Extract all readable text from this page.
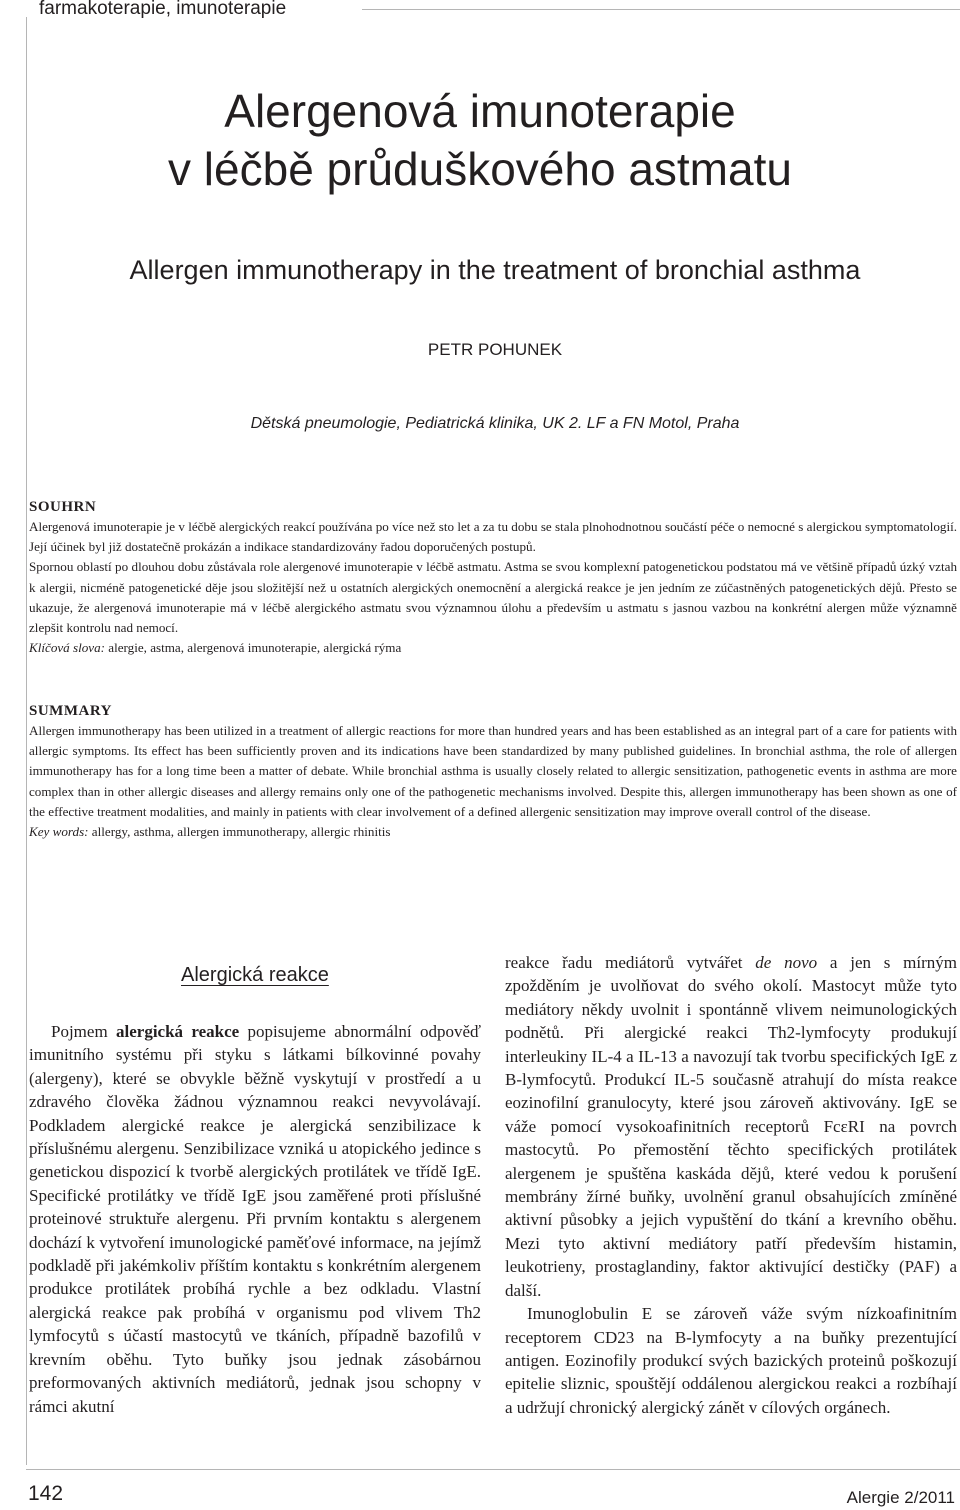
farmakoterapie, imunoterapie
Alergenová imunoterapie
v léčbě průduškového astmatu
Allergen immunotherapy in the treatment of bronchial asthma
PETR POHUNEK
Dětská pneumologie, Pediatrická klinika, UK 2. LF a FN Motol, Praha
SOUHRN

Alergenová imunoterapie je v léčbě alergických reakcí používána po více než sto let a za tu dobu se stala plnohodnotnou součástí péče o nemocné s alergickou symptomatologií. Její účinek byl již dostatečně prokázán a indikace standardizovány řadou doporučených postupů.

Spornou oblastí po dlouhou dobu zůstávala role alergenové imunoterapie v léčbě astmatu. Astma se svou komplexní patogenetickou podstatou má ve většině případů úzký vztah k alergii, nicméně patogenetické děje jsou složitější než u ostatních alergických onemocnění a alergická reakce je jen jedním ze zúčastněných patogenetických dějů. Přesto se ukazuje, že alergenová imunoterapie má v léčbě alergického astmatu svou významnou úlohu a především u astmatu s jasnou vazbou na konkrétní alergen může významně zlepšit kontrolu nad nemocí.

Klíčová slova: alergie, astma, alergenová imunoterapie, alergická rýma

SUMMARY

Allergen immunotherapy has been utilized in a treatment of allergic reactions for more than hundred years and has been established as an integral part of a care for patients with allergic symptoms. Its effect has been sufficiently proven and its indications have been standardized by many published guidelines. In bronchial asthma, the role of allergen immunotherapy has for a long time been a matter of debate. While bronchial asthma is usually closely related to allergic sensitization, pathogenetic events in asthma are more complex than in other allergic diseases and allergy remains only one of the pathogenetic mechanisms involved. Despite this, allergen immunotherapy has been shown as one of the effective treatment modalities, and mainly in patients with clear involvement of a defined allergenic sensitization may improve overall control of the disease.

Key words: allergy, asthma, allergen immunotherapy, allergic rhinitis

Alergická reakce

Pojmem alergická reakce popisujeme abnormální odpověď imunitního systému při styku s látkami bílkovinné povahy (alergeny), které se obvykle běžně vyskytují v prostředí a u zdravého člověka žádnou významnou reakci nevyvolávají. Podkladem alergické reakce je alergická senzibilizace k příslušnému alergenu. Senzibilizace vzniká u atopického jedince s genetickou dispozicí k tvorbě alergických protilátek ve třídě IgE. Specifické protilátky ve třídě IgE jsou zaměřené proti příslušné proteinové struktuře alergenu. Při prvním kontaktu s alergenem dochází k vytvoření imunologické paměťové informace, na jejímž podkladě při jakémkoliv příštím kontaktu s konkrétním alergenem produkce protilátek probíhá rychle a bez odkladu. Vlastní alergická reakce pak probíhá v organismu pod vlivem Th2 lymfocytů s účastí mastocytů ve tkáních, případně bazofilů v krevním oběhu. Tyto buňky jsou jednak zásobárnou preformovaných aktivních mediátorů, jednak jsou schopny v rámci akutní

reakce řadu mediátorů vytvářet de novo a jen s mírným zpožděním je uvolňovat do svého okolí. Mastocyt může tyto mediátory někdy uvolnit i spontánně vlivem neimunologických podnětů. Při alergické reakci Th2-lymfocyty produkují interleukiny IL-4 a IL-13 a navozují tak tvorbu specifických IgE z B-lymfocytů. Produkcí IL-5 současně atrahují do místa reakce eozinofilní granulocyty, které jsou zároveň aktivovány. IgE se váže pomocí vysokoafinitních receptorů FcεRI na povrch mastocytů. Po přemostění těchto specifických protilátek alergenem je spuštěna kaskáda dějů, které vedou k porušení membrány žírné buňky, uvolnění granul obsahujících zmíněné aktivní působky a jejich vypuštění do tkání a krevního oběhu. Mezi tyto aktivní mediátory patří především histamin, leukotrieny, prostaglandiny, faktor aktivující destičky (PAF) a další.

Imunoglobulin E se zároveň váže svým nízkoafinitním receptorem CD23 na B-lymfocyty a na buňky prezentující antigen. Eozinofily produkcí svých bazických proteinů poškozují epitelie sliznic, spouštějí oddálenou alergickou reakci a rozbíhají a udržují chronický alergický zánět v cílových orgánech.

142	Alergie 2/2011
